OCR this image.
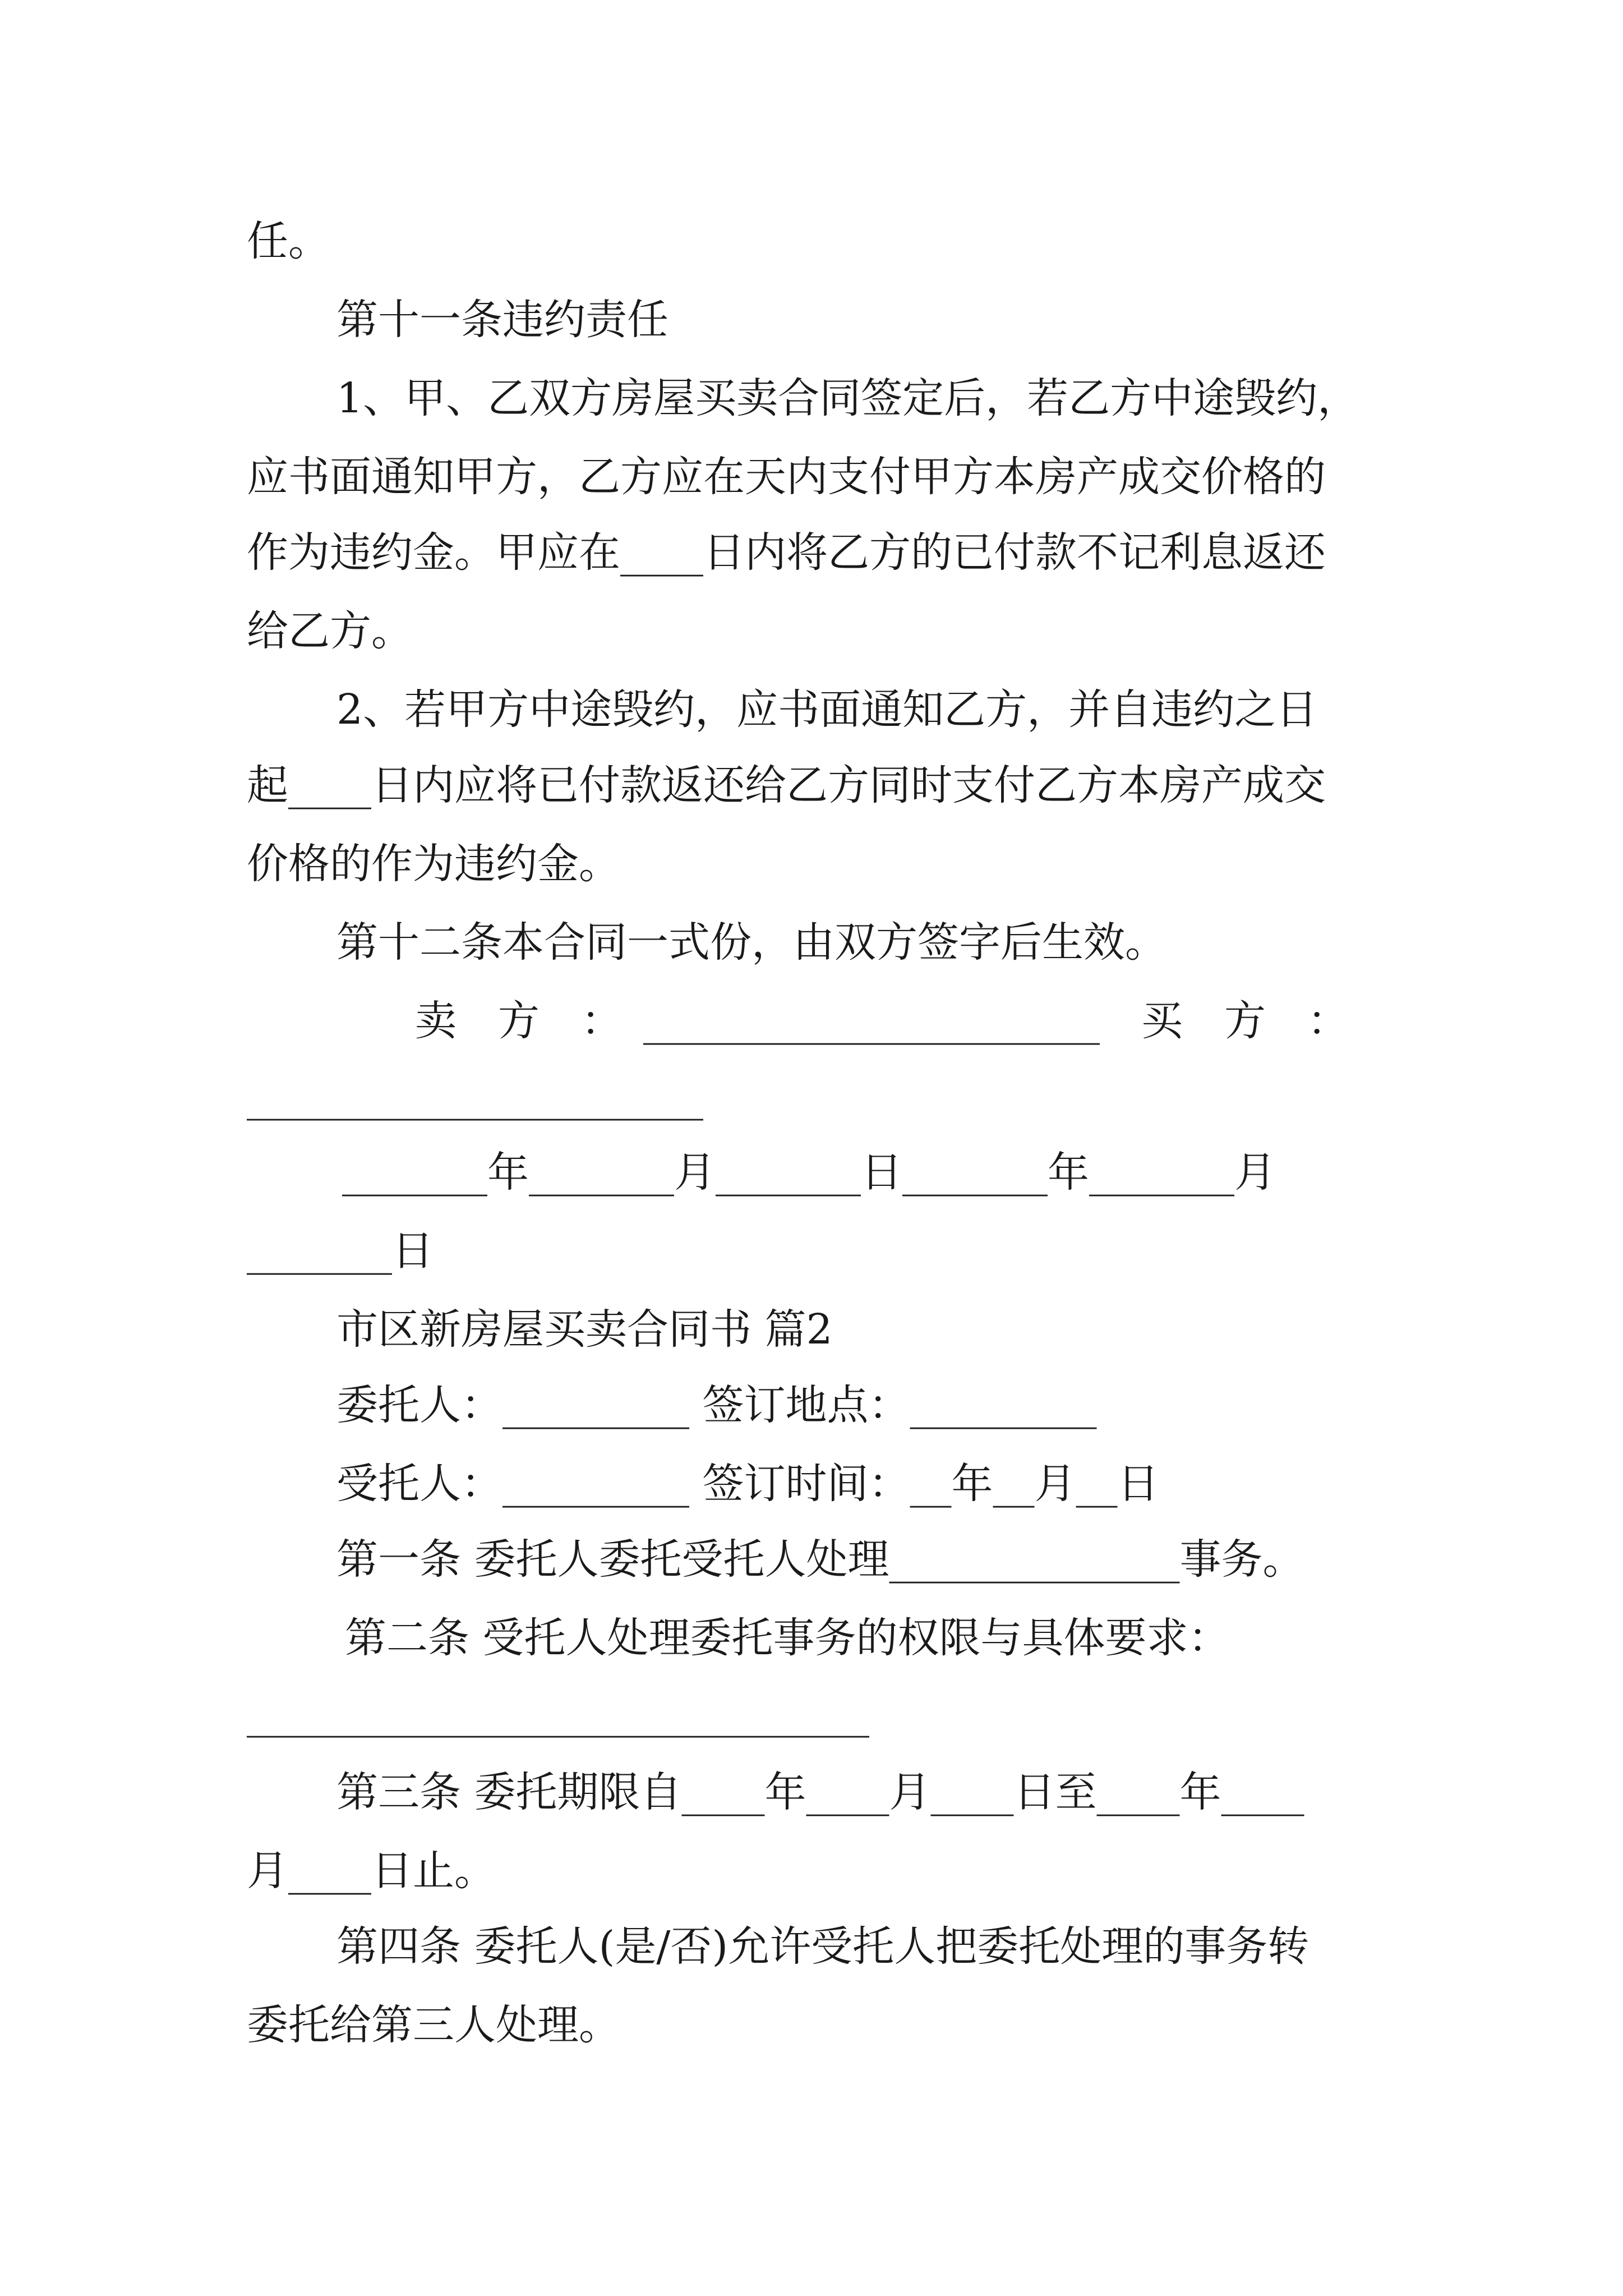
任。
第十一条违约责任
1、甲、乙双方房屋买卖合同签定后，若乙方中途毁约，
应书面通知甲方，乙方应在天内支付甲方本房产成交价格的
作为违约金。甲应在____日内将乙方的已付款不记利息返还
给乙方。
2、若甲方中途毁约，应书面通知乙方，并自违约之日
起____日内应将已付款返还给乙方同时支付乙方本房产成交
价格的作为违约金。
第十二条本合同一式份，由双方签字后生效。
卖　方　：　______________________　买　方　：
______________________
_______年_______月_______日_______年_______月
_______日
市区新房屋买卖合同书 篇2
委托人：_________ 签订地点：_________
受托人：_________ 签订时间：__年__月__日
第一条 委托人委托受托人处理______________事务。
第二条 受托人处理委托事务的权限与具体要求：
______________________________
第三条 委托期限自____年____月____日至____年____
月____日止。
第四条 委托人(是/否)允许受托人把委托处理的事务转
委托给第三人处理。
